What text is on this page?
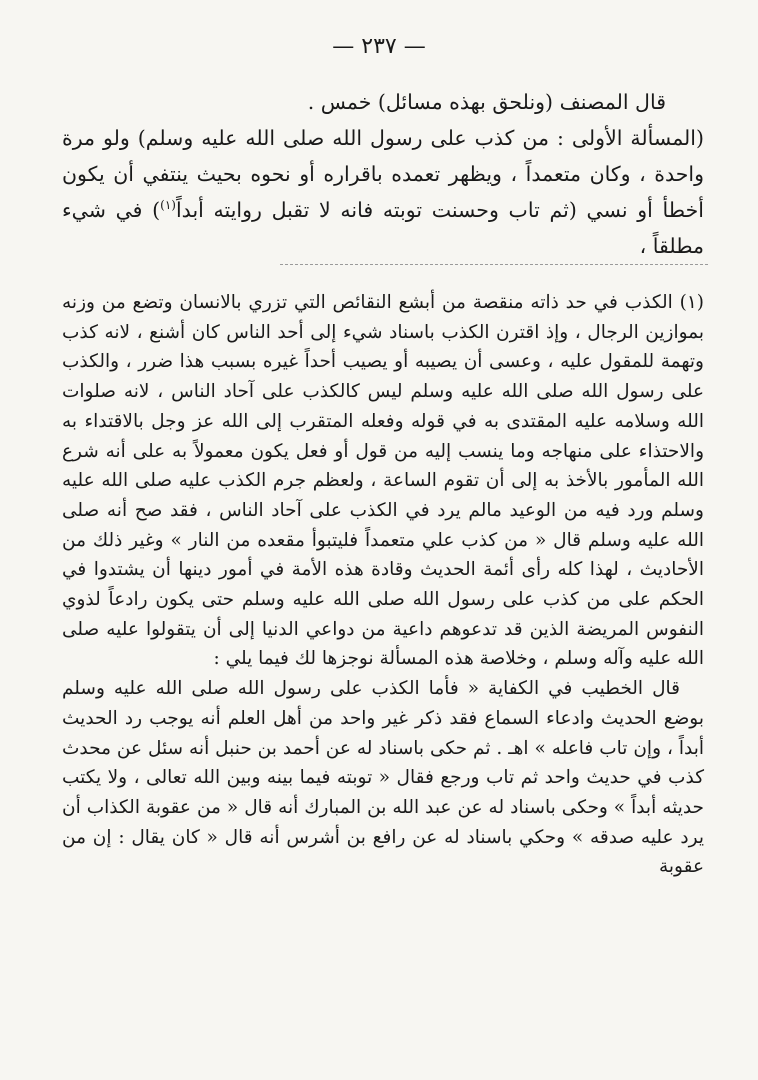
— ٢٣٧ —

قال المصنف (ونلحق بهذه مسائل) خمس .

(المسألة الأولى : من كذب على رسول الله صلى الله عليه وسلم) ولو مرة واحدة ، وكان متعمداً ، ويظهر تعمده باقراره أو نحوه بحيث ينتفي أن يكون أخطأ أو نسي (ثم تاب وحسنت توبته فانه لا تقبل روايته أبداً$^{(١)}$) في شيء مطلقاً ،

(١) الكذب في حد ذاته منقصة من أبشع النقائص التي تزري بالانسان وتضع من وزنه بموازين الرجال ، وإذ اقترن الكذب باسناد شيء إلى أحد الناس كان أشنع ، لانه كذب وتهمة للمقول عليه ، وعسى أن يصيبه أو يصيب أحداً غيره بسبب هذا ضرر ، والكذب على رسول الله صلى الله عليه وسلم ليس كالكذب على آحاد الناس ، لانه صلوات الله وسلامه عليه المقتدى به في قوله وفعله المتقرب إلى الله عز وجل بالاقتداء به والاحتذاء على منهاجه وما ينسب إليه من قول أو فعل يكون معمولاً به على أنه شرع الله المأمور بالأخذ به إلى أن تقوم الساعة ، ولعظم جرم الكذب عليه صلى الله عليه وسلم ورد فيه من الوعيد مالم يرد في الكذب على آحاد الناس ، فقد صح أنه صلى الله عليه وسلم قال « من كذب علي متعمداً فليتبوأ مقعده من النار » وغير ذلك من الأحاديث ، لهذا كله رأى أئمة الحديث وقادة هذه الأمة في أمور دينها أن يشتدوا في الحكم على من كذب على رسول الله صلى الله عليه وسلم حتى يكون رادعاً لذوي النفوس المريضة الذين قد تدعوهم داعية من دواعي الدنيا إلى أن يتقولوا عليه صلى الله عليه وآله وسلم ، وخلاصة هذه المسألة نوجزها لك فيما يلي :

قال الخطيب في الكفاية « فأما الكذب على رسول الله صلى الله عليه وسلم بوضع الحديث وادعاء السماع فقد ذكر غير واحد من أهل العلم أنه يوجب رد الحديث أبداً ، وإن تاب فاعله » اهـ . ثم حكى باسناد له عن أحمد بن حنبل أنه سئل عن محدث كذب في حديث واحد ثم تاب ورجع فقال « توبته فيما بينه وبين الله تعالى ، ولا يكتب حديثه أبداً » وحكى باسناد له عن عبد الله بن المبارك أنه قال « من عقوبة الكذاب أن يرد عليه صدقه » وحكي باسناد له عن رافع بن أشرس أنه قال « كان يقال : إن من عقوبة
